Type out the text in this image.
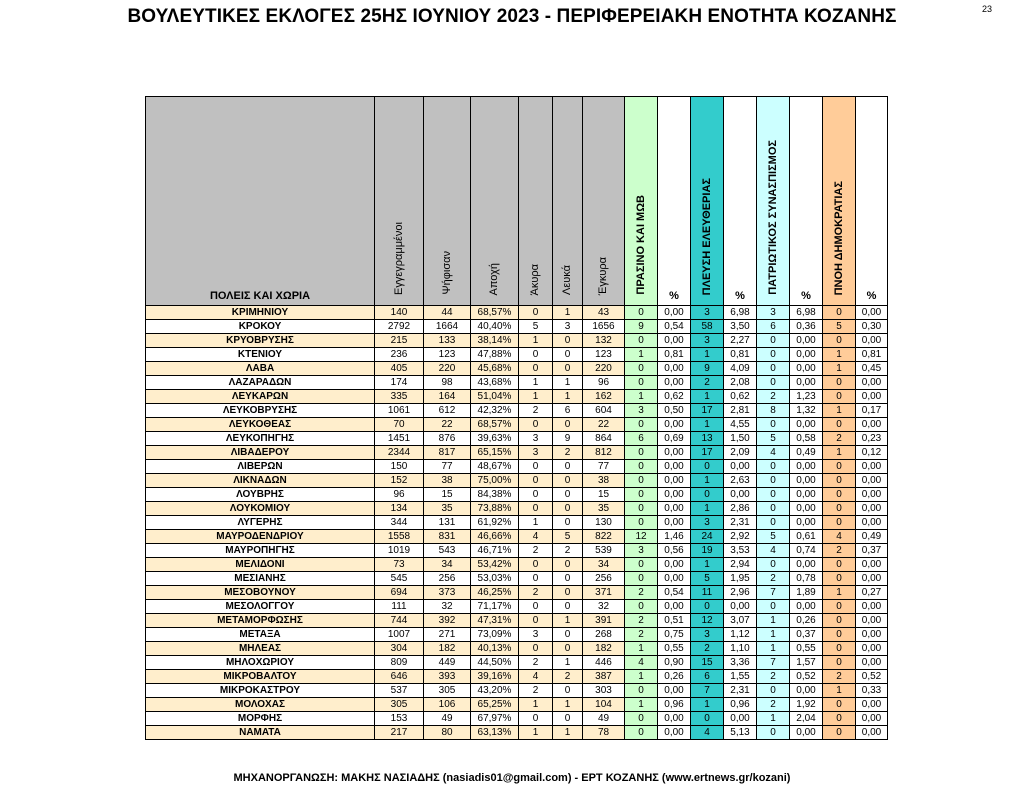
ΒΟΥΛΕΥΤΙΚΕΣ ΕΚΛΟΓΕΣ 25ΗΣ ΙΟΥΝΙΟΥ 2023 - ΠΕΡΙΦΕΡΕΙΑΚΗ ΕΝΟΤΗΤΑ ΚΟΖΑΝΗΣ	23
ΠΟΛΕΙΣ ΚΑΙ ΧΩΡΙΑ	Εγγεγραμμένοι	Ψήφισαν	Αποχή	Άκυρα	Λευκά	Έγκυρα	ΠΡΑΣΙΝΟ ΚΑΙ ΜΩΒ	%	ΠΛΕΥΣΗ ΕΛΕΥΘΕΡΙΑΣ	%	ΠΑΤΡΙΩΤΙΚΟΣ ΣΥΝΑΣΠΙΣΜΟΣ	%	ΠΝΟΗ ΔΗΜΟΚΡΑΤΙΑΣ	%
ΚΡΙΜΗΝΙΟΥ	140	44	68,57%	0	1	43	0	0,00	3	6,98	3	6,98	0	0,00
ΚΡΟΚΟΥ	2792	1664	40,40%	5	3	1656	9	0,54	58	3,50	6	0,36	5	0,30
ΚΡΥΟΒΡΥΣΗΣ	215	133	38,14%	1	0	132	0	0,00	3	2,27	0	0,00	0	0,00
ΚΤΕΝΙΟΥ	236	123	47,88%	0	0	123	1	0,81	1	0,81	0	0,00	1	0,81
ΛΑΒΑ	405	220	45,68%	0	0	220	0	0,00	9	4,09	0	0,00	1	0,45
ΛΑΖΑΡΑΔΩΝ	174	98	43,68%	1	1	96	0	0,00	2	2,08	0	0,00	0	0,00
ΛΕΥΚΑΡΩΝ	335	164	51,04%	1	1	162	1	0,62	1	0,62	2	1,23	0	0,00
ΛΕΥΚΟΒΡΥΣΗΣ	1061	612	42,32%	2	6	604	3	0,50	17	2,81	8	1,32	1	0,17
ΛΕΥΚΟΘΕΑΣ	70	22	68,57%	0	0	22	0	0,00	1	4,55	0	0,00	0	0,00
ΛΕΥΚΟΠΗΓΗΣ	1451	876	39,63%	3	9	864	6	0,69	13	1,50	5	0,58	2	0,23
ΛΙΒΑΔΕΡΟΥ	2344	817	65,15%	3	2	812	0	0,00	17	2,09	4	0,49	1	0,12
ΛΙΒΕΡΩΝ	150	77	48,67%	0	0	77	0	0,00	0	0,00	0	0,00	0	0,00
ΛΙΚΝΑΔΩΝ	152	38	75,00%	0	0	38	0	0,00	1	2,63	0	0,00	0	0,00
ΛΟΥΒΡΗΣ	96	15	84,38%	0	0	15	0	0,00	0	0,00	0	0,00	0	0,00
ΛΟΥΚΟΜΙΟΥ	134	35	73,88%	0	0	35	0	0,00	1	2,86	0	0,00	0	0,00
ΛΥΓΕΡΗΣ	344	131	61,92%	1	0	130	0	0,00	3	2,31	0	0,00	0	0,00
ΜΑΥΡΟΔΕΝΔΡΙΟΥ	1558	831	46,66%	4	5	822	12	1,46	24	2,92	5	0,61	4	0,49
ΜΑΥΡΟΠΗΓΗΣ	1019	543	46,71%	2	2	539	3	0,56	19	3,53	4	0,74	2	0,37
ΜΕΛΙΔΟΝΙ	73	34	53,42%	0	0	34	0	0,00	1	2,94	0	0,00	0	0,00
ΜΕΣΙΑΝΗΣ	545	256	53,03%	0	0	256	0	0,00	5	1,95	2	0,78	0	0,00
ΜΕΣΟΒΟΥΝΟΥ	694	373	46,25%	2	0	371	2	0,54	11	2,96	7	1,89	1	0,27
ΜΕΣΟΛΟΓΓΟΥ	111	32	71,17%	0	0	32	0	0,00	0	0,00	0	0,00	0	0,00
ΜΕΤΑΜΟΡΦΩΣΗΣ	744	392	47,31%	0	1	391	2	0,51	12	3,07	1	0,26	0	0,00
ΜΕΤΑΞΑ	1007	271	73,09%	3	0	268	2	0,75	3	1,12	1	0,37	0	0,00
ΜΗΛΕΑΣ	304	182	40,13%	0	0	182	1	0,55	2	1,10	1	0,55	0	0,00
ΜΗΛΟΧΩΡΙΟΥ	809	449	44,50%	2	1	446	4	0,90	15	3,36	7	1,57	0	0,00
ΜΙΚΡΟΒΑΛΤΟΥ	646	393	39,16%	4	2	387	1	0,26	6	1,55	2	0,52	2	0,52
ΜΙΚΡΟΚΑΣΤΡΟΥ	537	305	43,20%	2	0	303	0	0,00	7	2,31	0	0,00	1	0,33
ΜΟΛΟΧΑΣ	305	106	65,25%	1	1	104	1	0,96	1	0,96	2	1,92	0	0,00
ΜΟΡΦΗΣ	153	49	67,97%	0	0	49	0	0,00	0	0,00	1	2,04	0	0,00
ΝΑΜΑΤΑ	217	80	63,13%	1	1	78	0	0,00	4	5,13	0	0,00	0	0,00
ΜΗΧΑΝΟΡΓΑΝΩΣΗ: ΜΑΚΗΣ ΝΑΣΙΑΔΗΣ (nasiadis01@gmail.com) - ΕΡΤ ΚΟΖΑΝΗΣ (www.ertnews.gr/kozani)
